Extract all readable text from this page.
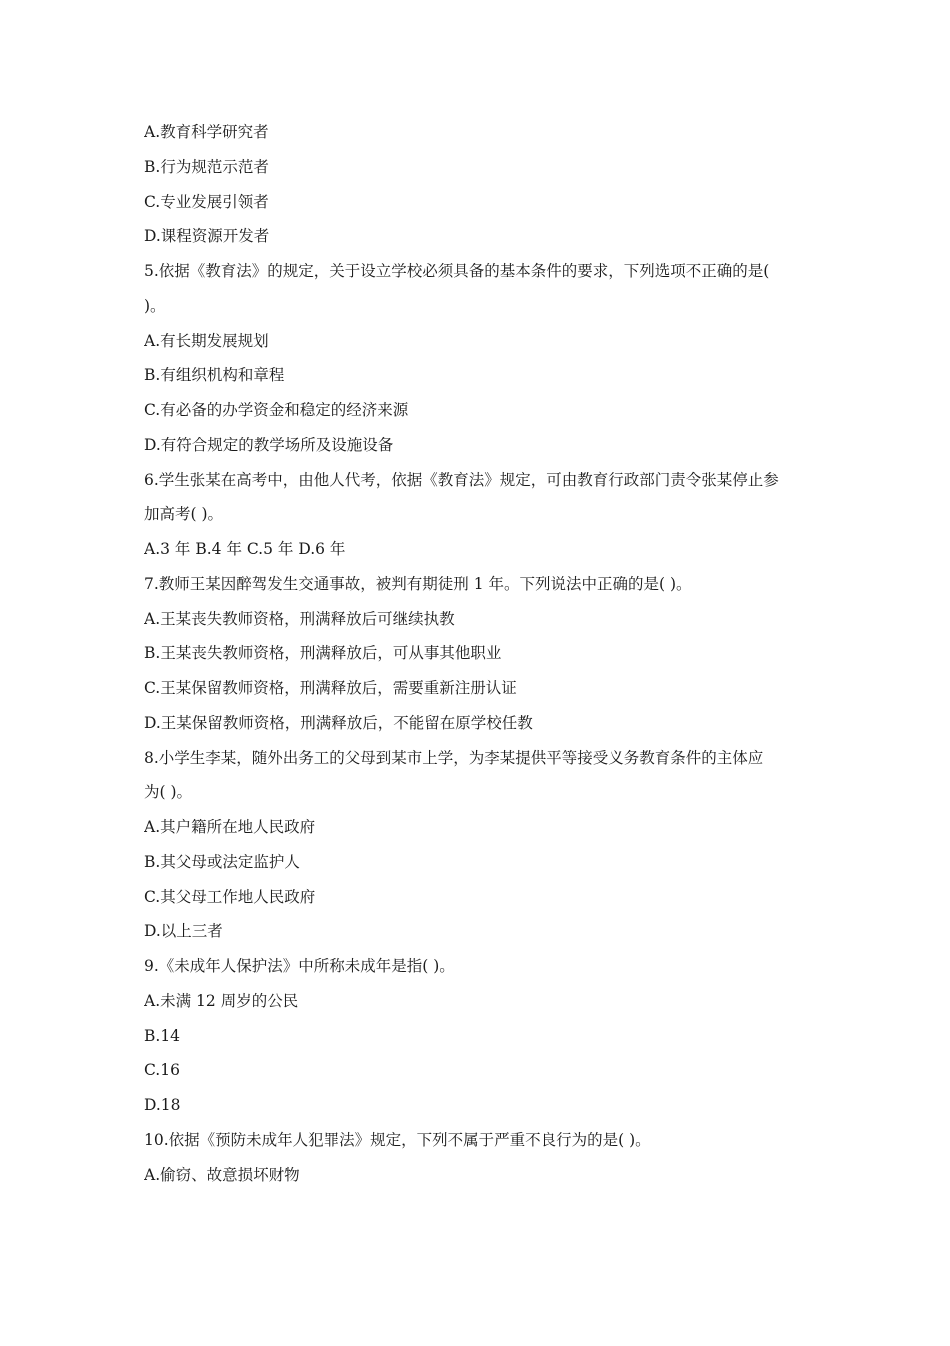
A.教育科学研究者
B.行为规范示范者
C.专业发展引领者
D.课程资源开发者
5.依据《教育法》的规定，关于设立学校必须具备的基本条件的要求，下列选项不正确的是(
)。
A.有长期发展规划
B.有组织机构和章程
C.有必备的办学资金和稳定的经济来源
D.有符合规定的教学场所及设施设备
6.学生张某在高考中，由他人代考，依据《教育法》规定，可由教育行政部门责令张某停止参
加高考( )。
A.3 年 B.4 年 C.5 年 D.6 年
7.教师王某因醉驾发生交通事故，被判有期徒刑 1 年。下列说法中正确的是( )。
A.王某丧失教师资格，刑满释放后可继续执教
B.王某丧失教师资格，刑满释放后，可从事其他职业
C.王某保留教师资格，刑满释放后，需要重新注册认证
D.王某保留教师资格，刑满释放后，不能留在原学校任教
8.小学生李某，随外出务工的父母到某市上学，为李某提供平等接受义务教育条件的主体应
为( )。
A.其户籍所在地人民政府
B.其父母或法定监护人
C.其父母工作地人民政府
D.以上三者
9.《未成年人保护法》中所称未成年是指( )。
A.未满 12 周岁的公民
B.14
C.16
D.18
10.依据《预防未成年人犯罪法》规定，下列不属于严重不良行为的是( )。
A.偷窃、故意损坏财物
